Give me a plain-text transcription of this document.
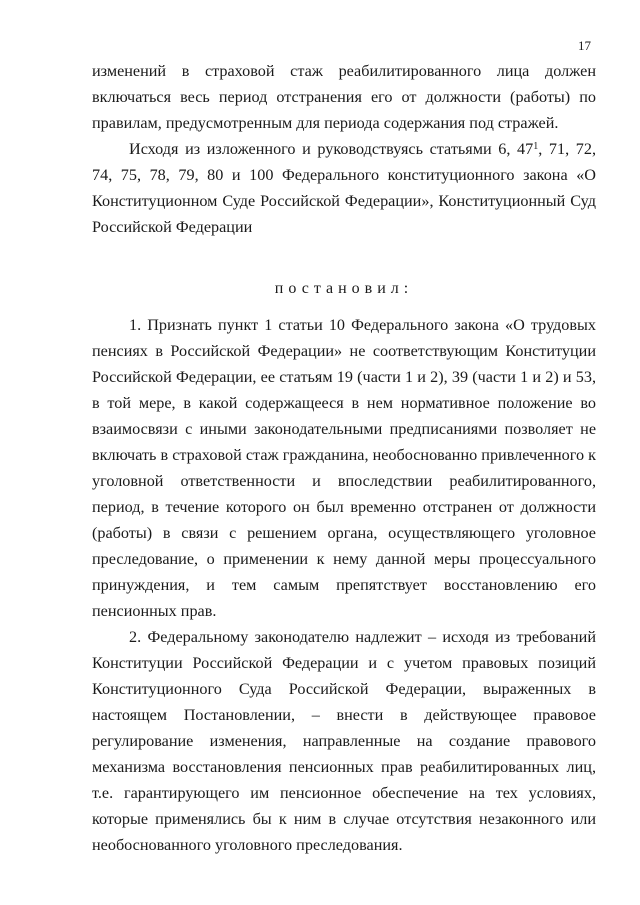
17

изменений в страховой стаж реабилитированного лица должен включаться весь период отстранения его от должности (работы) по правилам, предусмотренным для периода содержания под стражей.

Исходя из изложенного и руководствуясь статьями 6, $47^1$, 71, 72, 74, 75, 78, 79, 80 и 100 Федерального конституционного закона «О Конституционном Суде Российской Федерации», Конституционный Суд Российской Федерации

постановил:

1. Признать пункт 1 статьи 10 Федерального закона «О трудовых пенсиях в Российской Федерации» не соответствующим Конституции Российской Федерации, ее статьям 19 (части 1 и 2), 39 (части 1 и 2) и 53, в той мере, в какой содержащееся в нем нормативное положение во взаимосвязи с иными законодательными предписаниями позволяет не включать в страховой стаж гражданина, необоснованно привлеченного к уголовной ответственности и впоследствии реабилитированного, период, в течение которого он был временно отстранен от должности (работы) в связи с решением органа, осуществляющего уголовное преследование, о применении к нему данной меры процессуального принуждения, и тем самым препятствует восстановлению его пенсионных прав.

2. Федеральному законодателю надлежит – исходя из требований Конституции Российской Федерации и с учетом правовых позиций Конституционного Суда Российской Федерации, выраженных в настоящем Постановлении, – внести в действующее правовое регулирование изменения, направленные на создание правового механизма восстановления пенсионных прав реабилитированных лиц, т.е. гарантирующего им пенсионное обеспечение на тех условиях, которые применялись бы к ним в случае отсутствия незаконного или необоснованного уголовного преследования.
